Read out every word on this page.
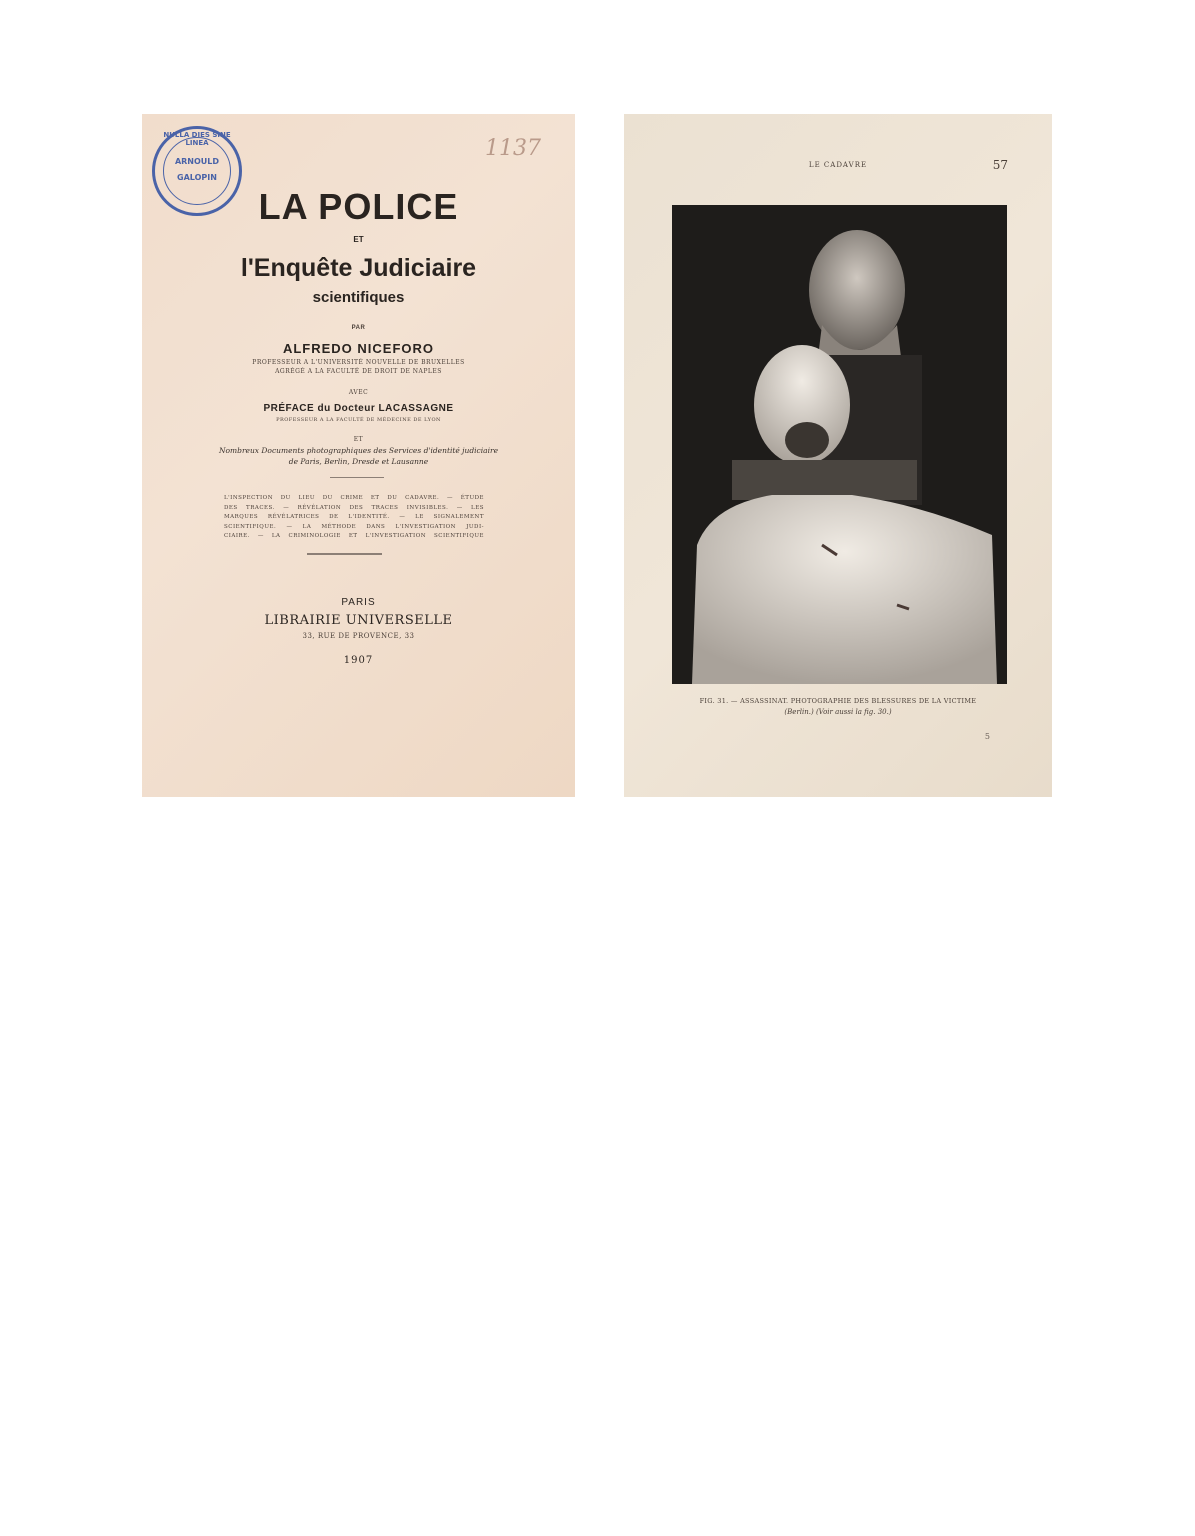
NULLA DIES SINE LINEA
ARNOULD
GALOPIN
1137
LA POLICE
ET
l'Enquête Judiciaire
scientifiques
PAR
ALFREDO NICEFORO
PROFESSEUR A L'UNIVERSITÉ NOUVELLE DE BRUXELLES
AGRÉGÉ A LA FACULTÉ DE DROIT DE NAPLES
AVEC
PRÉFACE du Docteur LACASSAGNE
PROFESSEUR A LA FACULTÉ DE MÉDECINE DE LYON
ET
Nombreux Documents photographiques des Services d'identité judiciaire
de Paris, Berlin, Dresde et Lausanne
L'INSPECTION DU LIEU DU CRIME ET DU CADAVRE. — ÉTUDE
DES TRACES. — RÉVÉLATION DES TRACES INVISIBLES. — LES
MARQUES RÉVÉLATRICES DE L'IDENTITÉ. — LE SIGNALEMENT
SCIENTIFIQUE. — LA MÉTHODE DANS L'INVESTIGATION JUDI-
CIAIRE. — LA CRIMINOLOGIE ET L'INVESTIGATION SCIENTIFIQUE
PARIS
LIBRAIRIE UNIVERSELLE
33, RUE DE PROVENCE, 33
1907
LE CADAVRE	57
FIG. 31. — ASSASSINAT. PHOTOGRAPHIE DES BLESSURES DE LA VICTIME
(Berlin.) (Voir aussi la fig. 30.)
5
